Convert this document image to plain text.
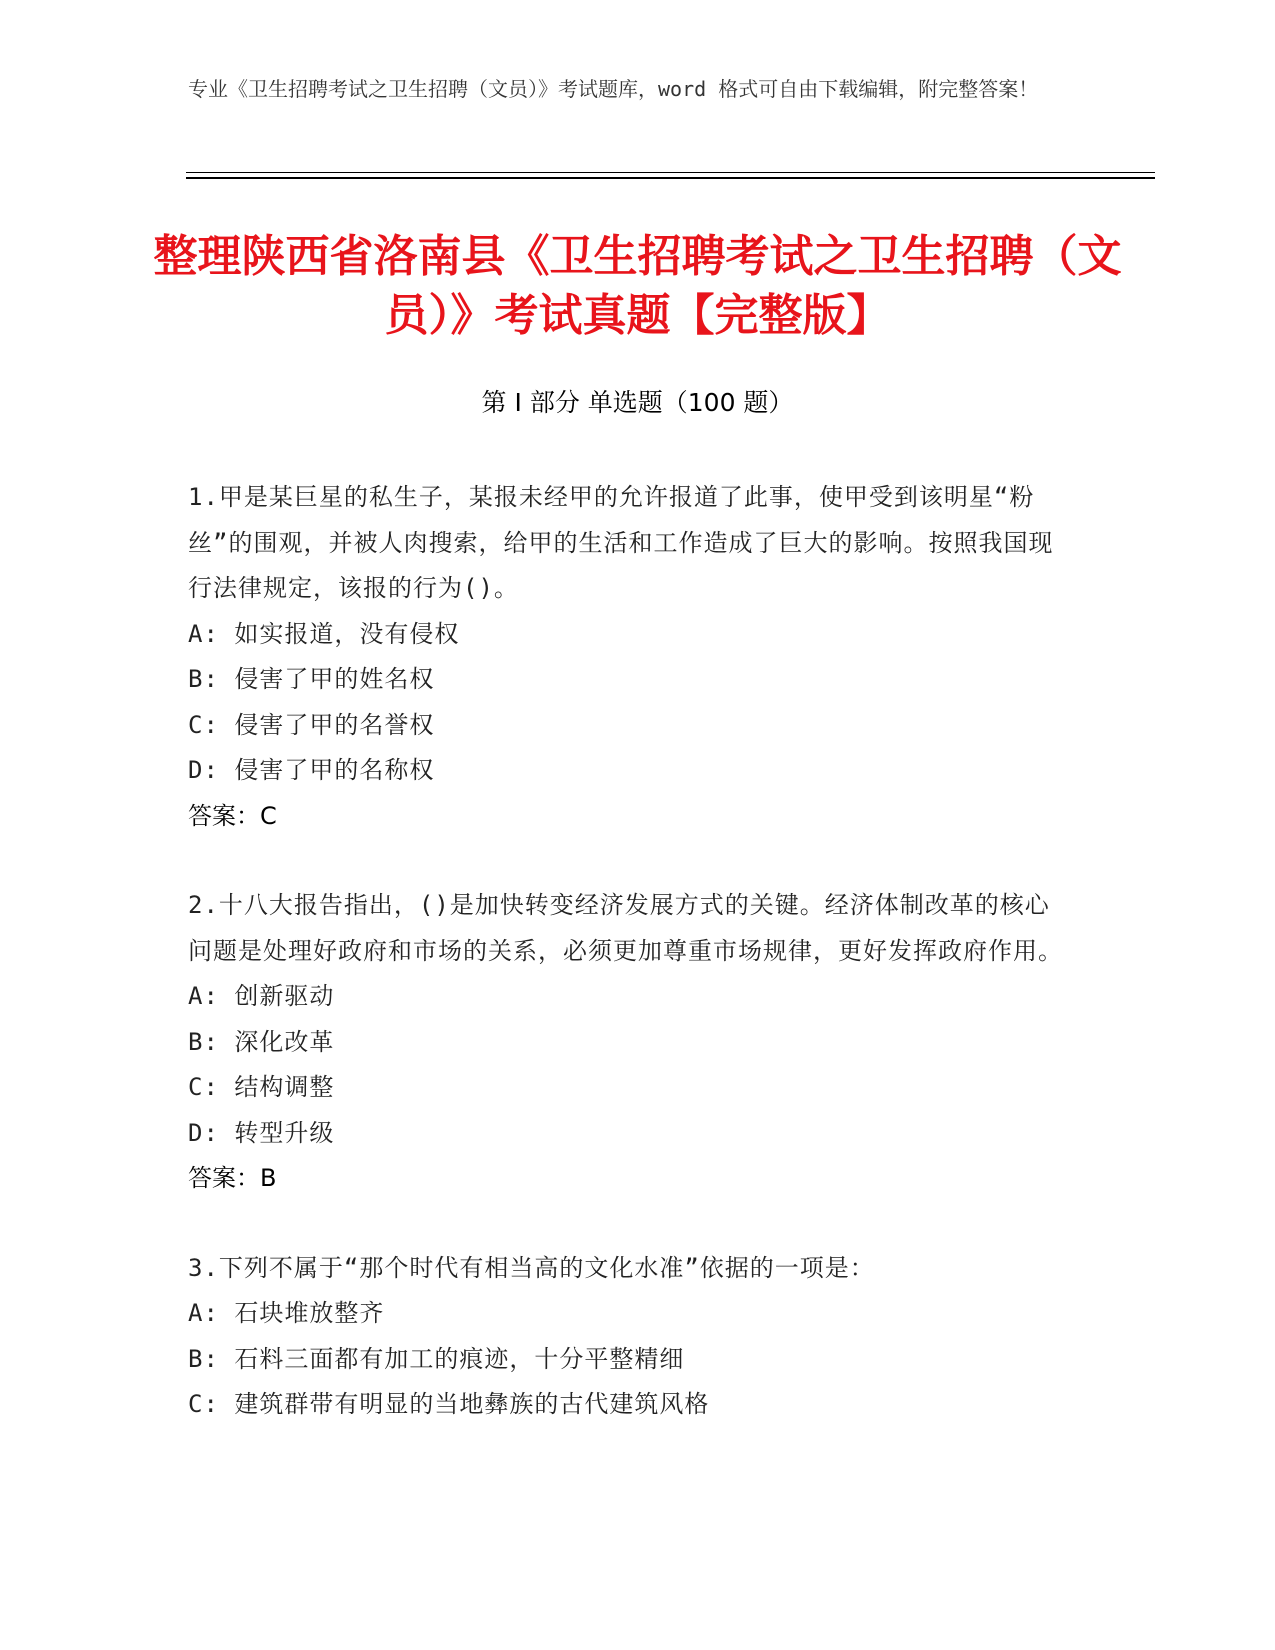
专业《卫生招聘考试之卫生招聘（文员）》考试题库，word 格式可自由下载编辑，附完整答案！
整理陕西省洛南县《卫生招聘考试之卫生招聘（文员）》考试真题【完整版】
第 I 部分 单选题（100 题）
1.甲是某巨星的私生子，某报未经甲的允许报道了此事，使甲受到该明星“粉丝”的围观，并被人肉搜索，给甲的生活和工作造成了巨大的影响。按照我国现行法律规定，该报的行为()。
A: 如实报道，没有侵权
B: 侵害了甲的姓名权
C: 侵害了甲的名誉权
D: 侵害了甲的名称权
答案：C
2.十八大报告指出，()是加快转变经济发展方式的关键。经济体制改革的核心问题是处理好政府和市场的关系，必须更加尊重市场规律，更好发挥政府作用。
A: 创新驱动
B: 深化改革
C: 结构调整
D: 转型升级
答案：B
3.下列不属于“那个时代有相当高的文化水准”依据的一项是：
A: 石块堆放整齐
B: 石料三面都有加工的痕迹，十分平整精细
C: 建筑群带有明显的当地彝族的古代建筑风格
